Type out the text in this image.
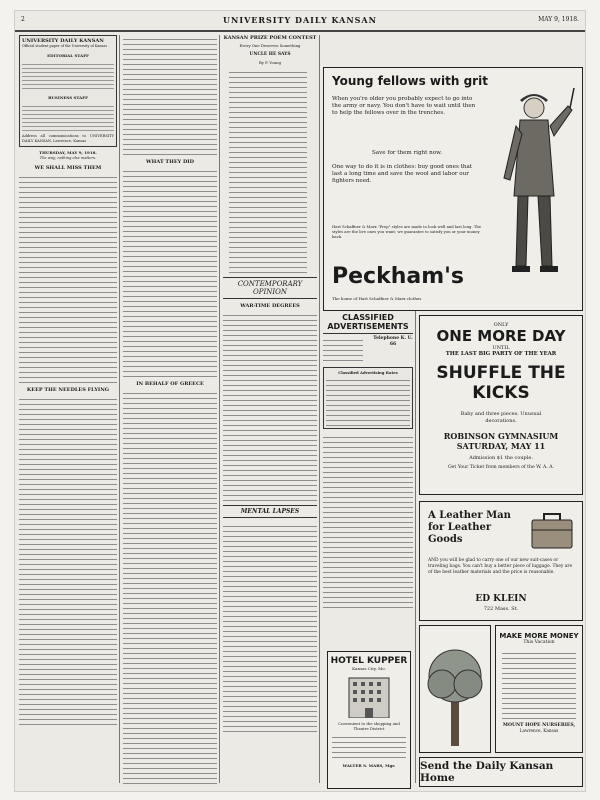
2	UNIVERSITY DAILY KANSAN	MAY 9, 1918.
UNIVERSITY DAILY KANSAN
Official student paper of the University of Kansas
EDITORIAL STAFF
BUSINESS STAFF
Address all communications to UNIVERSITY DAILY KANSAN, Lawrence, Kansas
THURSDAY, MAY 9, 1918.
The way; nothing else matters.
WE SHALL MISS THEM
KEEP THE NEEDLES FLYING
WHAT THEY DID
IN BEHALF OF GREECE
KANSAN PRIZE POEM CONTEST
Every One Deserves Something
UNCLE HE SAYS
By P. Young
CONTEMPORARY OPINION
WAR-TIME DEGREES
MENTAL LAPSES
Young fellows with grit
When you're older you probably expect to go into the army or navy. You don't have to wait until then to help the fellows over in the trenches.
Save for them right now.
One way to do it is in clothes: buy good ones that last a long time and save the wool and labor our fighters need.
Hart Schaffner & Marx "Prep" styles are made to look well and last long. The styles are the live ones you want; we guarantee to satisfy you or your money back.
Peckham's
The home of Hart Schaffner & Marx clothes
CLASSIFIED ADVERTISEMENTS
Telephone K. U. 66
Classified Advertising Rates
HOTEL KUPPER
Kansas City, Mo.
Convenient to the shopping and Theatre District
WALTER S. MARS, Mgr.
ONLY
ONE MORE DAY
UNTIL
THE LAST BIG PARTY OF THE YEAR
SHUFFLE THE KICKS
Baby and three pieces. Unusual decorations.
ROBINSON GYMNASIUM
SATURDAY, MAY 11
Admission $1 the couple.
Get Your Ticket from members of the W. A. A.
A Leather Man for Leather Goods
AND you will be glad to carry one of our new suit-cases or traveling bags. You can't buy a better piece of luggage. They are of the best leather materials and the price is reasonable.
ED KLEIN
722 Mass. St.
MAKE MORE MONEY
This Vacation
MOUNT HOPE NURSERIES,
Lawrence, Kansas
Send the Daily Kansan Home
